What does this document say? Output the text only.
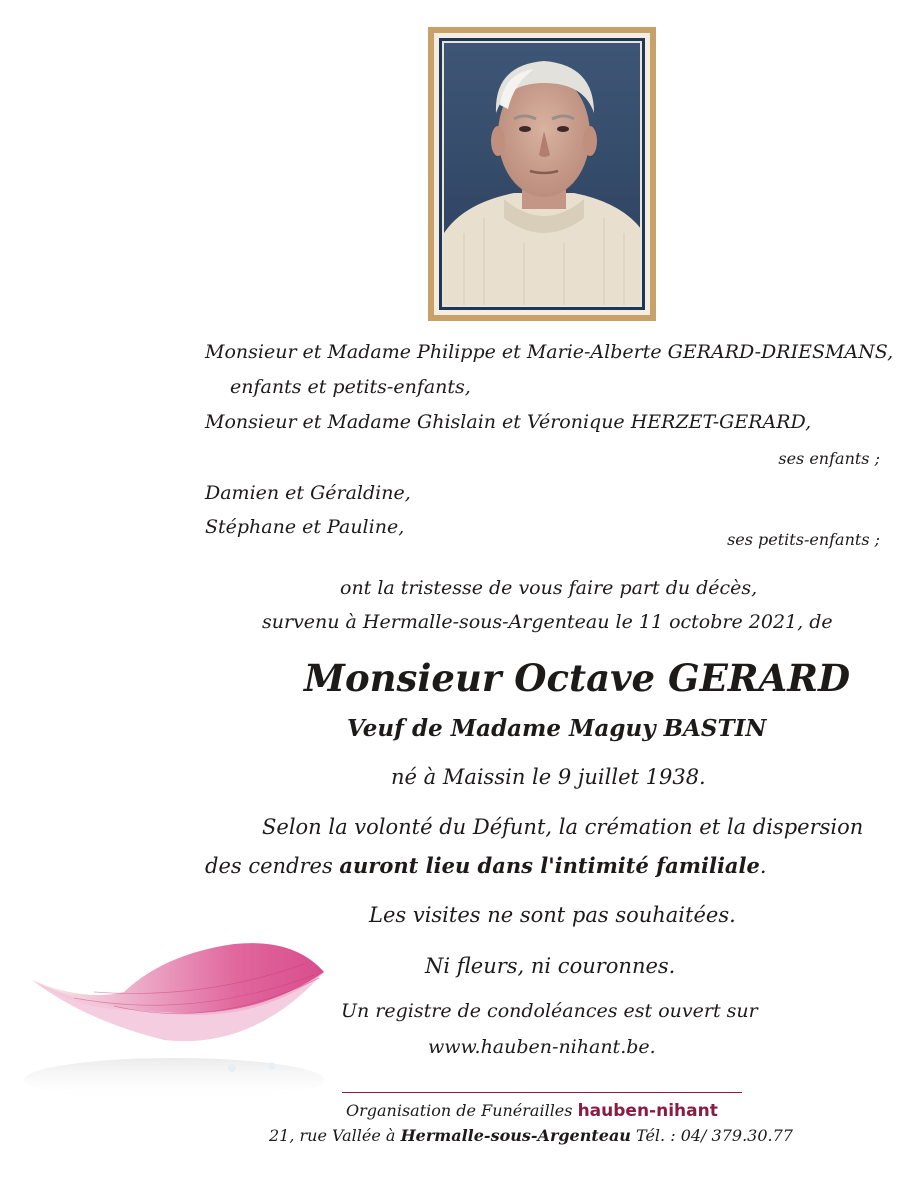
Monsieur et Madame Philippe et Marie-Alberte GERARD-DRIESMANS,
enfants et petits-enfants,
Monsieur et Madame Ghislain et Véronique HERZET-GERARD,
ses enfants ;
Damien et Géraldine,
Stéphane et Pauline,
ses petits-enfants ;
ont la tristesse de vous faire part du décès,
survenu à Hermalle-sous-Argenteau le 11 octobre 2021, de
Monsieur Octave GERARD
Veuf de Madame Maguy BASTIN
né à Maissin le 9 juillet 1938.
Selon la volonté du Défunt, la crémation et la dispersion
des cendres auront lieu dans l'intimité familiale.
Les visites ne sont pas souhaitées.
Ni fleurs, ni couronnes.
Un registre de condoléances est ouvert sur
www.hauben-nihant.be.
Organisation de Funérailles hauben-nihant
21, rue Vallée à Hermalle-sous-Argenteau Tél. : 04/ 379.30.77
